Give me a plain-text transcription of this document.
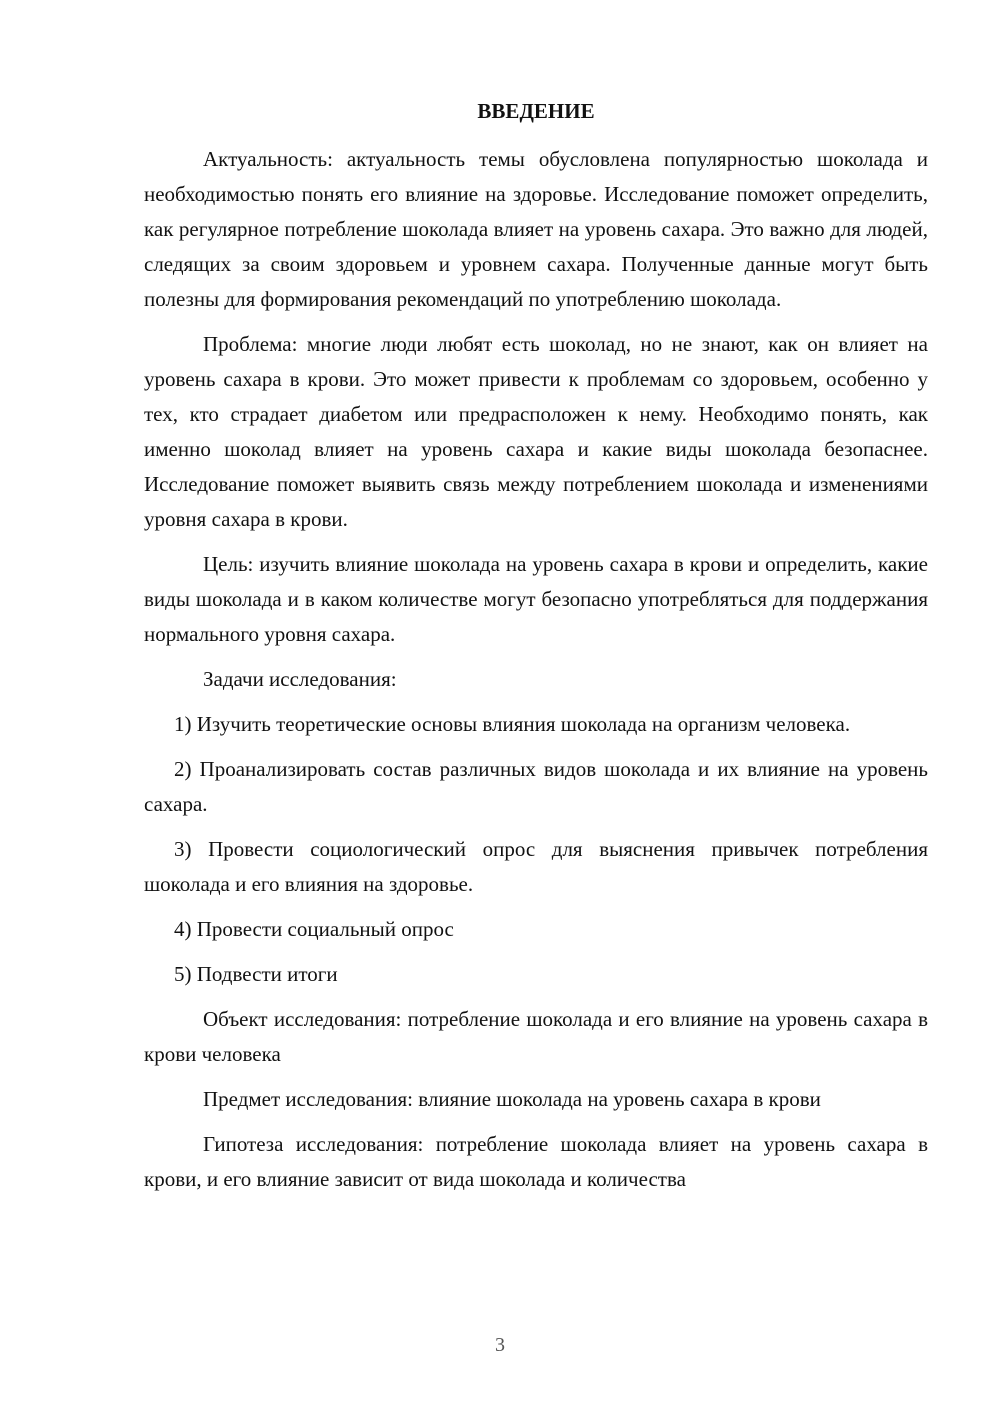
ВВЕДЕНИЕ

Актуальность: актуальность темы обусловлена популярностью шоколада и необходимостью понять его влияние на здоровье. Исследование поможет определить, как регулярное потребление шоколада влияет на уровень сахара. Это важно для людей, следящих за своим здоровьем и уровнем сахара. Полученные данные могут быть полезны для формирования рекомендаций по употреблению шоколада.

Проблема: многие люди любят есть шоколад, но не знают, как он влияет на уровень сахара в крови. Это может привести к проблемам со здоровьем, особенно у тех, кто страдает диабетом или предрасположен к нему. Необходимо понять, как именно шоколад влияет на уровень сахара и какие виды шоколада безопаснее. Исследование поможет выявить связь между потреблением шоколада и изменениями уровня сахара в крови.

Цель: изучить влияние шоколада на уровень сахара в крови и определить, какие виды шоколада и в каком количестве могут безопасно употребляться для поддержания нормального уровня сахара.

Задачи исследования:

1) Изучить теоретические основы влияния шоколада на организм человека.

2) Проанализировать состав различных видов шоколада и их влияние на уровень сахара.

3) Провести социологический опрос для выяснения привычек потребления шоколада и его влияния на здоровье.

4) Провести социальный опрос

5) Подвести итоги

Объект исследования: потребление шоколада и его влияние на уровень сахара в крови человека

Предмет исследования: влияние шоколада на уровень сахара в крови

Гипотеза исследования: потребление шоколада влияет на уровень сахара в крови, и его влияние зависит от вида шоколада и количества

3
